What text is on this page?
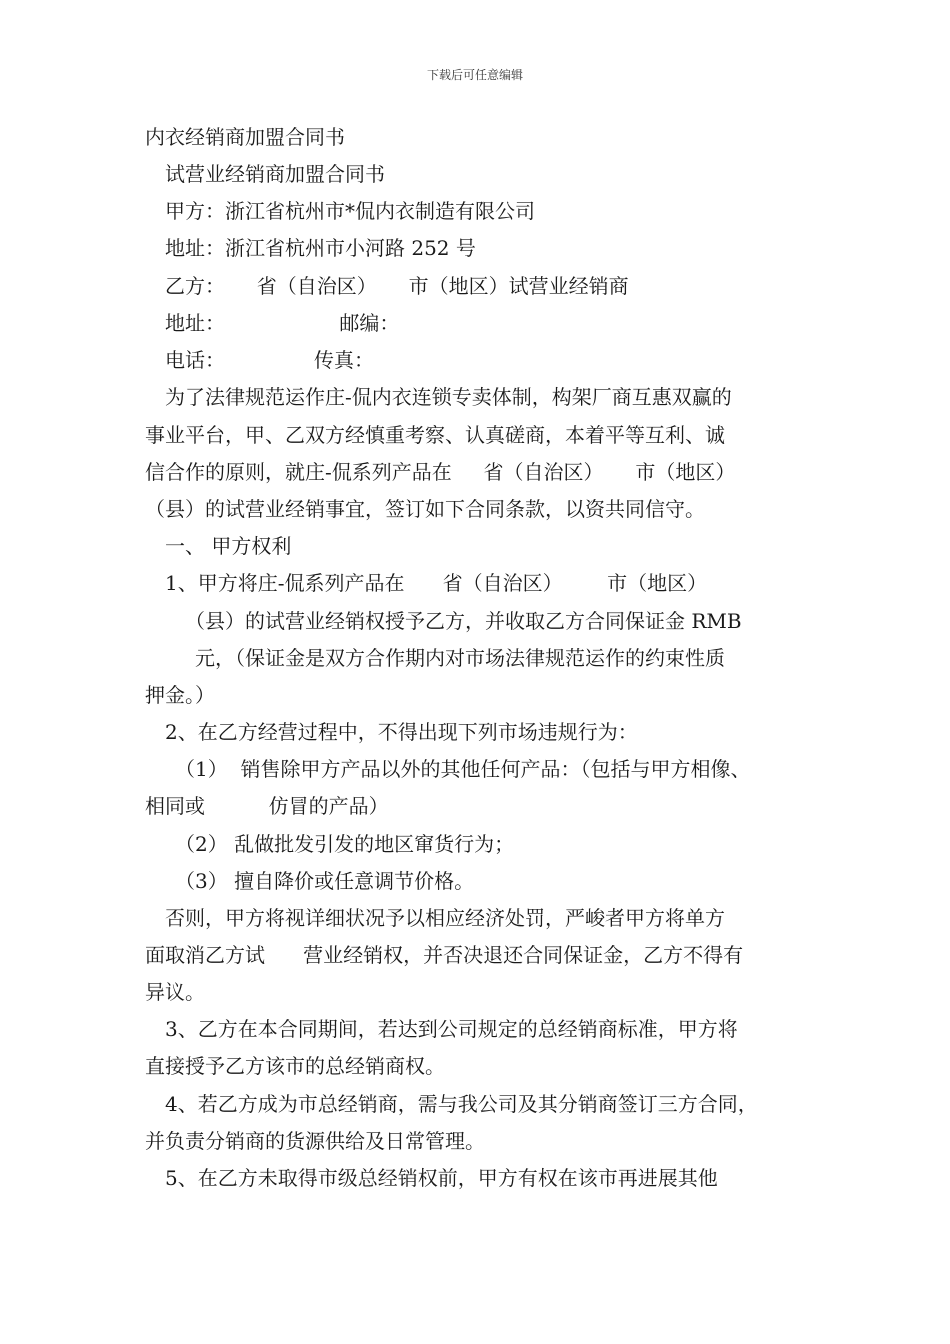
下载后可任意编辑
内衣经销商加盟合同书
试营业经销商加盟合同书
甲方：浙江省杭州市*侃内衣制造有限公司
地址：浙江省杭州市小河路 252 号
乙方：     省（自治区）     市（地区）试营业经销商
地址：                  邮编：
电话：              传真：
为了法律规范运作庄-侃内衣连锁专卖体制，构架厂商互惠双赢的
事业平台，甲、乙双方经慎重考察、认真磋商，本着平等互利、诚
信合作的原则，就庄-侃系列产品在     省（自治区）     市（地区）
（县）的试营业经销事宜，签订如下合同条款，以资共同信守。
一、 甲方权利
1、甲方将庄-侃系列产品在      省（自治区）       市（地区）
（县）的试营业经销权授予乙方，并收取乙方合同保证金 RMB
元，（保证金是双方合作期内对市场法律规范运作的约束性质
押金。）
2、在乙方经营过程中，不得出现下列市场违规行为：
（1）  销售除甲方产品以外的其他任何产品：（包括与甲方相像、
相同或          仿冒的产品）
（2） 乱做批发引发的地区窜货行为；
（3） 擅自降价或任意调节价格。
否则，甲方将视详细状况予以相应经济处罚，严峻者甲方将单方
面取消乙方试      营业经销权，并否决退还合同保证金，乙方不得有
异议。
3、乙方在本合同期间，若达到公司规定的总经销商标准，甲方将
直接授予乙方该市的总经销商权。
4、若乙方成为市总经销商，需与我公司及其分销商签订三方合同，
并负责分销商的货源供给及日常管理。
5、在乙方未取得市级总经销权前，甲方有权在该市再进展其他
